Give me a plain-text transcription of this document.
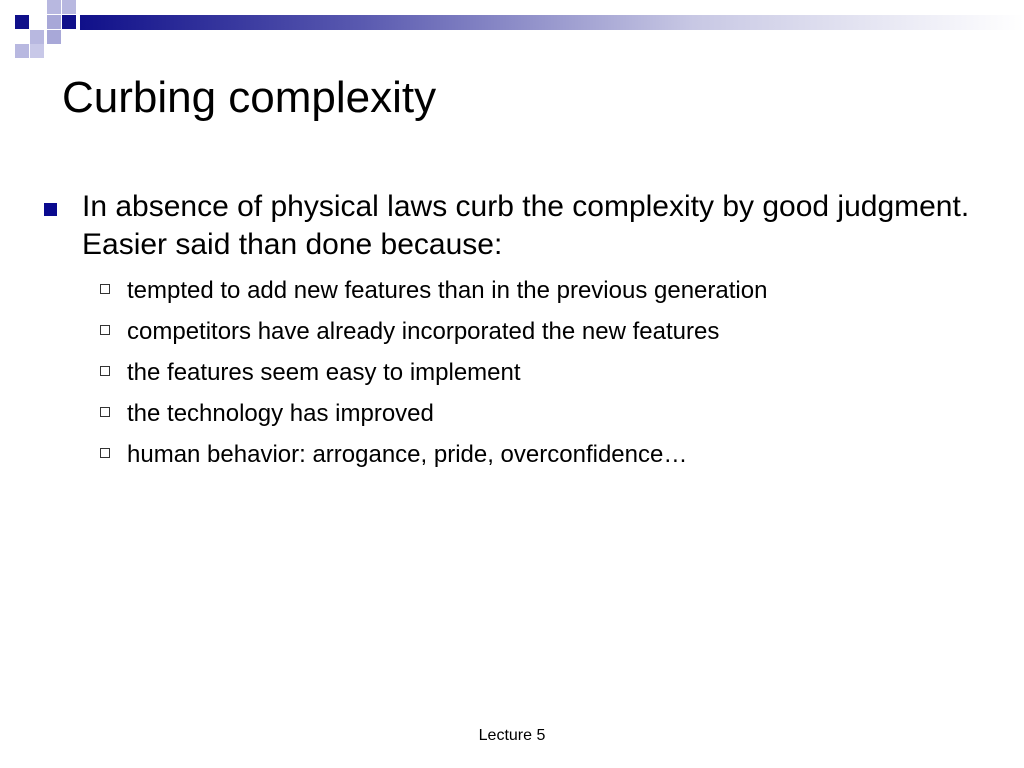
Curbing complexity
In absence of physical laws curb the complexity by good judgment. Easier said than done because:
tempted to add new features than in the previous generation
competitors have already incorporated the new features
the features seem easy to implement
the technology has improved
human behavior: arrogance, pride, overconfidence…
Lecture 5
